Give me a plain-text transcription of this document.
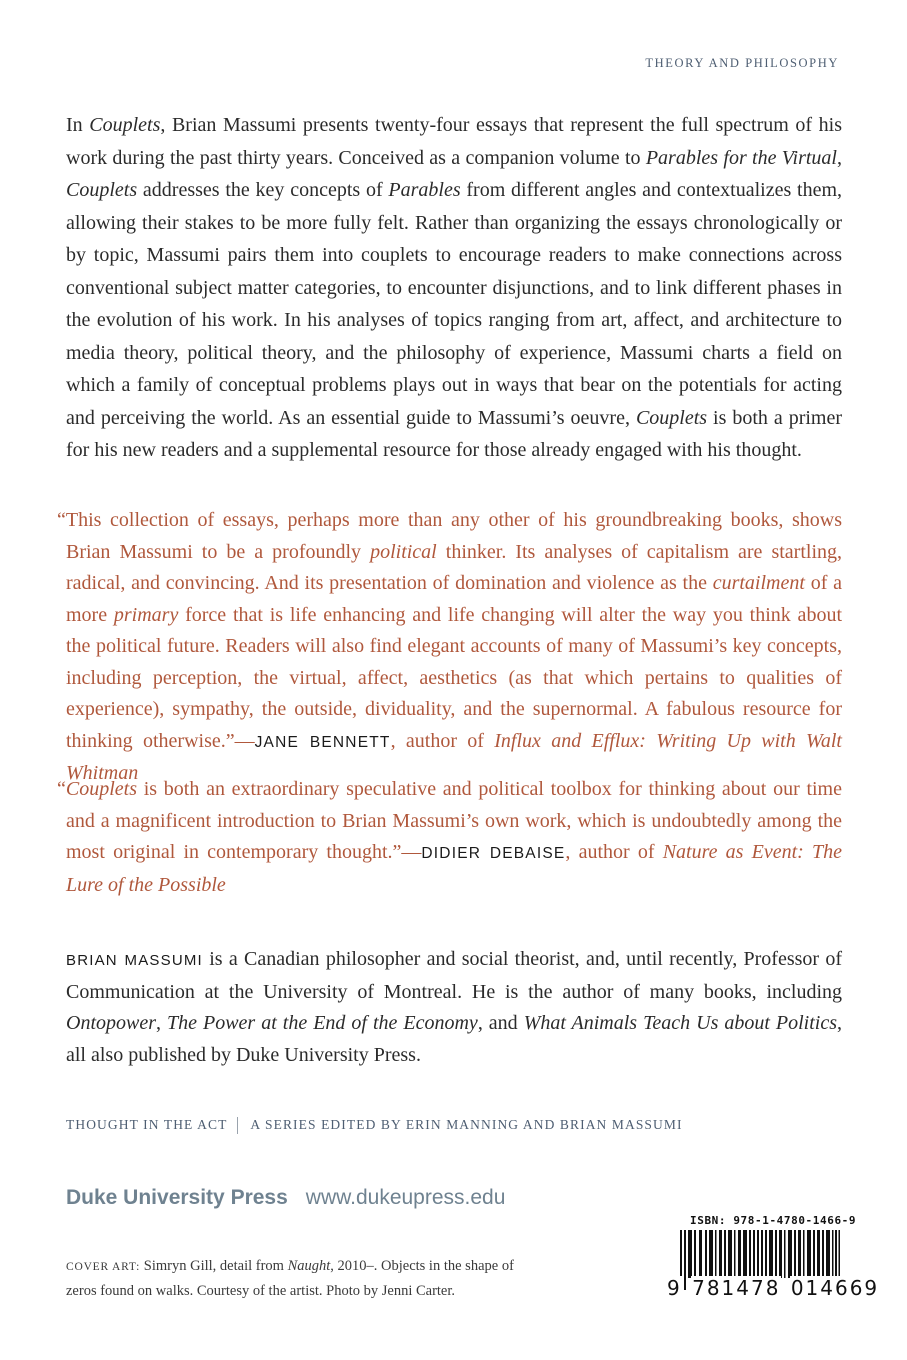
THEORY AND PHILOSOPHY

In Couplets, Brian Massumi presents twenty-four essays that represent the full spectrum of his work during the past thirty years. Conceived as a companion volume to Parables for the Virtual, Couplets addresses the key concepts of Parables from different angles and contextualizes them, allowing their stakes to be more fully felt. Rather than organizing the essays chronologically or by topic, Massumi pairs them into couplets to encourage readers to make connections across conventional subject matter categories, to encounter disjunctions, and to link different phases in the evolution of his work. In his analyses of topics ranging from art, affect, and architecture to media theory, political theory, and the philosophy of experience, Massumi charts a field on which a family of conceptual problems plays out in ways that bear on the potentials for acting and perceiving the world. As an essential guide to Massumi’s oeuvre, Couplets is both a primer for his new readers and a supplemental resource for those already engaged with his thought.

“This collection of essays, perhaps more than any other of his groundbreaking books, shows Brian Massumi to be a profoundly political thinker. Its analyses of capitalism are startling, radical, and convincing. And its presentation of domination and violence as the curtailment of a more primary force that is life enhancing and life changing will alter the way you think about the political future. Readers will also find elegant accounts of many of Massumi’s key concepts, including perception, the virtual, affect, aesthetics (as that which pertains to qualities of experience), sympathy, the outside, dividuality, and the supernormal. A fabulous resource for thinking otherwise.”—JANE BENNETT, author of Influx and Efflux: Writing Up with Walt Whitman

“Couplets is both an extraordinary speculative and political toolbox for thinking about our time and a magnificent introduction to Brian Massumi’s own work, which is undoubtedly among the most original in contemporary thought.”—DIDIER DEBAISE, author of Nature as Event: The Lure of the Possible

BRIAN MASSUMI is a Canadian philosopher and social theorist, and, until recently, Professor of Communication at the University of Montreal. He is the author of many books, including Ontopower, The Power at the End of the Economy, and What Animals Teach Us about Politics, all also published by Duke University Press.

THOUGHT IN THE ACT A SERIES EDITED BY ERIN MANNING AND BRIAN MASSUMI
Duke University Press www.dukeupress.edu
COVER ART: Simryn Gill, detail from Naught, 2010–. Objects in the shape of zeros found on walks. Courtesy of the artist. Photo by Jenni Carter.
ISBN: 978-1-4780-1466-9
9 781478 014669
